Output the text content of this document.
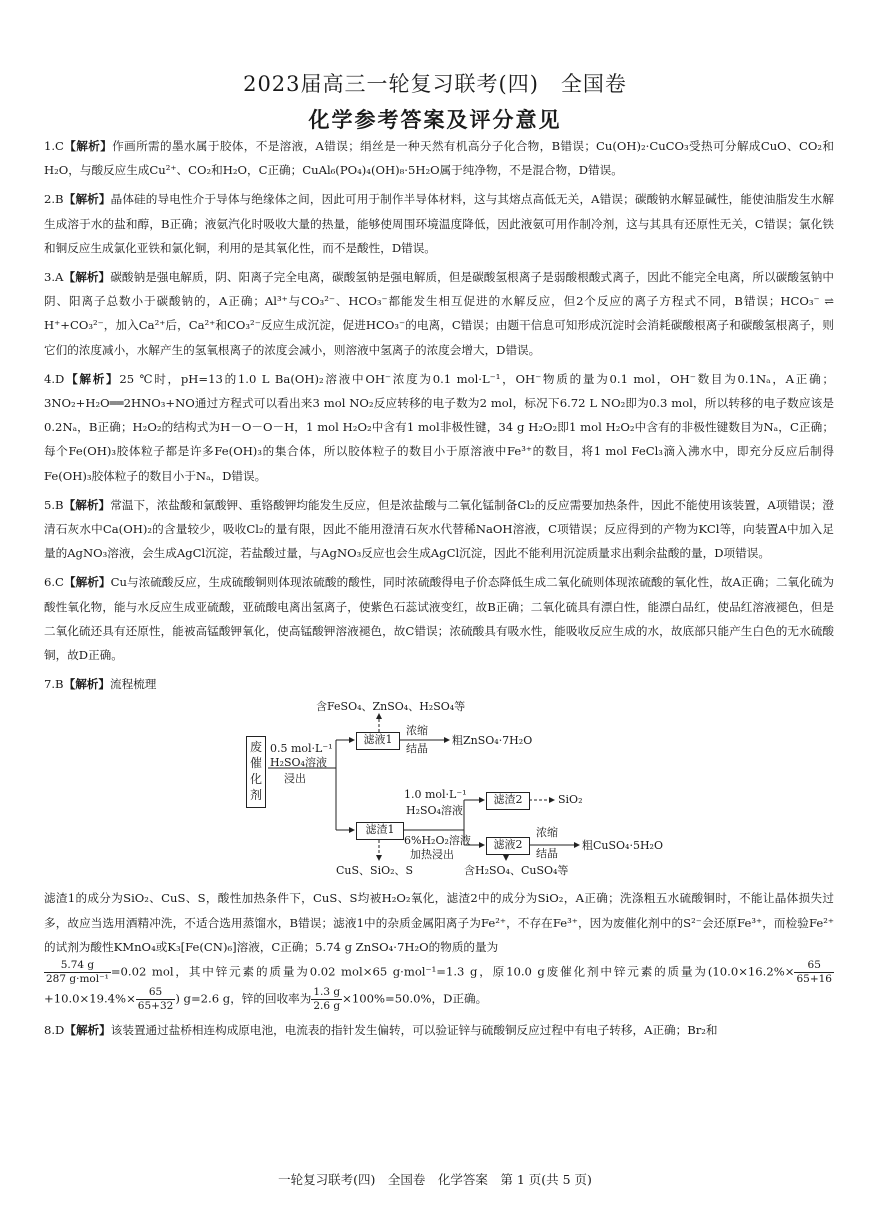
2023届高三一轮复习联考(四)　全国卷
化学参考答案及评分意见

1.C【解析】作画所需的墨水属于胶体，不是溶液，A错误；绢丝是一种天然有机高分子化合物，B错误；Cu(OH)₂·CuCO₃受热可分解成CuO、CO₂和H₂O，与酸反应生成Cu²⁺、CO₂和H₂O，C正确；CuAl₆(PO₄)₄(OH)₈·5H₂O属于纯净物，不是混合物，D错误。

2.B【解析】晶体硅的导电性介于导体与绝缘体之间，因此可用于制作半导体材料，这与其熔点高低无关，A错误；碳酸钠水解显碱性，能使油脂发生水解生成溶于水的盐和醇，B正确；液氨汽化时吸收大量的热量，能够使周围环境温度降低，因此液氨可用作制冷剂，这与其具有还原性无关，C错误；氯化铁和铜反应生成氯化亚铁和氯化铜，利用的是其氧化性，而不是酸性，D错误。

3.A【解析】碳酸钠是强电解质，阴、阳离子完全电离，碳酸氢钠是强电解质，但是碳酸氢根离子是弱酸根酸式离子，因此不能完全电离，所以碳酸氢钠中阴、阳离子总数小于碳酸钠的，A正确；Al³⁺与CO₃²⁻、HCO₃⁻都能发生相互促进的水解反应，但2个反应的离子方程式不同，B错误；HCO₃⁻ ⇌ H⁺+CO₃²⁻，加入Ca²⁺后，Ca²⁺和CO₃²⁻反应生成沉淀，促进HCO₃⁻的电离，C错误；由题干信息可知形成沉淀时会消耗碳酸根离子和碳酸氢根离子，则它们的浓度减小，水解产生的氢氧根离子的浓度会减小，则溶液中氢离子的浓度会增大，D错误。

4.D【解析】25 ℃时，pH=13的1.0 L Ba(OH)₂溶液中OH⁻浓度为0.1 mol·L⁻¹，OH⁻物质的量为0.1 mol，OH⁻数目为0.1Nₐ，A正确；3NO₂+H₂O══2HNO₃+NO通过方程式可以看出来3 mol NO₂反应转移的电子数为2 mol，标况下6.72 L NO₂即为0.3 mol，所以转移的电子数应该是0.2Nₐ，B正确；H₂O₂的结构式为H－O－O－H，1 mol H₂O₂中含有1 mol非极性键，34 g H₂O₂即1 mol H₂O₂中含有的非极性键数目为Nₐ，C正确；每个Fe(OH)₃胶体粒子都是许多Fe(OH)₃的集合体，所以胶体粒子的数目小于原溶液中Fe³⁺的数目，将1 mol FeCl₃滴入沸水中，即充分反应后制得Fe(OH)₃胶体粒子的数目小于Nₐ，D错误。

5.B【解析】常温下，浓盐酸和氯酸钾、重铬酸钾均能发生反应，但是浓盐酸与二氧化锰制备Cl₂的反应需要加热条件，因此不能使用该装置，A项错误；澄清石灰水中Ca(OH)₂的含量较少，吸收Cl₂的量有限，因此不能用澄清石灰水代替稀NaOH溶液，C项错误；反应得到的产物为KCl等，向装置A中加入足量的AgNO₃溶液，会生成AgCl沉淀，若盐酸过量，与AgNO₃反应也会生成AgCl沉淀，因此不能利用沉淀质量求出剩余盐酸的量，D项错误。

6.C【解析】Cu与浓硫酸反应，生成硫酸铜则体现浓硫酸的酸性，同时浓硫酸得电子价态降低生成二氧化硫则体现浓硫酸的氧化性，故A正确；二氧化硫为酸性氧化物，能与水反应生成亚硫酸，亚硫酸电离出氢离子，使紫色石蕊试液变红，故B正确；二氧化硫具有漂白性，能漂白品红，使品红溶液褪色，但是二氧化硫还具有还原性，能被高锰酸钾氧化，使高锰酸钾溶液褪色，故C错误；浓硫酸具有吸水性，能吸收反应生成的水，故底部只能产生白色的无水硫酸铜，故D正确。

7.B【解析】流程梳理

废催化剂
0.5 mol·L⁻¹
H₂SO₄溶液
浸出
滤液1
滤渣1
含FeSO₄、ZnSO₄、H₂SO₄等
浓缩
结晶
粗ZnSO₄·7H₂O
1.0 mol·L⁻¹
H₂SO₄溶液
6%H₂O₂溶液
加热浸出
滤渣2
滤液2
SiO₂
浓缩
结晶
粗CuSO₄·5H₂O
CuS、SiO₂、S	含H₂SO₄、CuSO₄等

滤渣1的成分为SiO₂、CuS、S，酸性加热条件下，CuS、S均被H₂O₂氧化，滤渣2中的成分为SiO₂，A正确；洗涤粗五水硫酸铜时，不能让晶体损失过多，故应当选用酒精冲洗，不适合选用蒸馏水，B错误；滤液1中的杂质金属阳离子为Fe²⁺，不存在Fe³⁺，因为废催化剂中的S²⁻会还原Fe³⁺，而检验Fe²⁺的试剂为酸性KMnO₄或K₃[Fe(CN)₆]溶液，C正确；5.74 g ZnSO₄·7H₂O的物质的量为

$\frac{5.74 g}{\text{287 g·mol⁻¹}} =0.02$ mol，其中锌元素的质量为0.02 mol×65 g·mol⁻¹=1.3 g，原10.0 g废催化剂中锌元素的质量为($10.0\times 16.2\%\times \frac{65}{65+16}$
$+10.0\times 19.4\%\times \frac{65}{65+32}$ ) g=2.6 g，锌的回收率为 $\frac{1.3 g}{2.6 g} \times 100\%=50.0\%$，D正确。

8.D【解析】该装置通过盐桥相连构成原电池，电流表的指针发生偏转，可以验证锌与硫酸铜反应过程中有电子转移，A正确；Br₂和

一轮复习联考(四)　全国卷　化学答案　第 1 页(共 5 页)
